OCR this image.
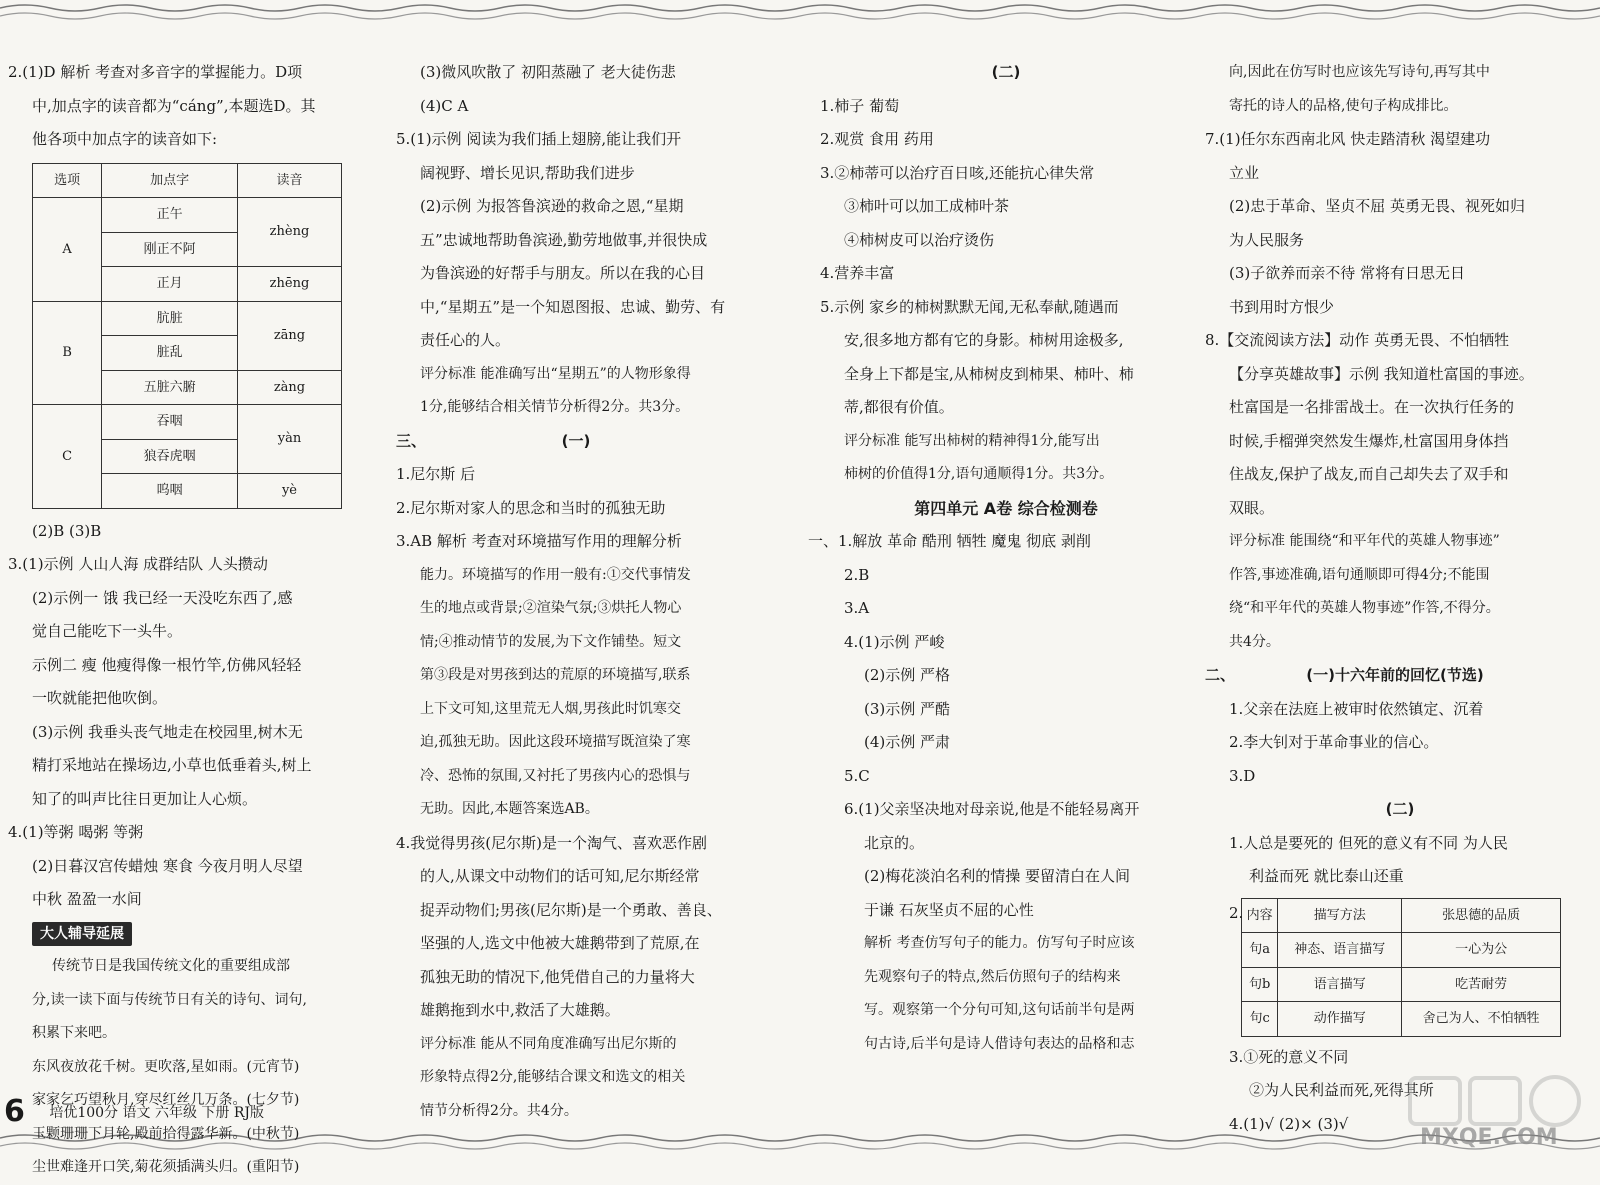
2.(1)D 解析 考查对多音字的掌握能力。D项
中,加点字的读音都为“cáng”,本题选D。其
他各项中加点字的读音如下:
选项	加点字	读音
A	正午	zhèng
	刚正不阿	
	正月	zhēng
B	肮脏	zāng
	脏乱	
	五脏六腑	zàng
C	吞咽	yàn
	狼吞虎咽	
	呜咽	yè
(2)B (3)B
3.(1)示例 人山人海 成群结队 人头攒动
(2)示例一 饿 我已经一天没吃东西了,感
觉自己能吃下一头牛。
示例二 瘦 他瘦得像一根竹竿,仿佛风轻轻
一吹就能把他吹倒。
(3)示例 我垂头丧气地走在校园里,树木无
精打采地站在操场边,小草也低垂着头,树上
知了的叫声比往日更加让人心烦。
4.(1)等粥 喝粥 等粥
(2)日暮汉宫传蜡烛 寒食 今夜月明人尽望
中秋 盈盈一水间
大人辅导延展
传统节日是我国传统文化的重要组成部
分,读一读下面与传统节日有关的诗句、词句,
积累下来吧。
东风夜放花千树。更吹落,星如雨。(元宵节)
家家乞巧望秋月,穿尽红丝几万条。(七夕节)
玉颗珊珊下月轮,殿前拾得露华新。(中秋节)
尘世难逢开口笑,菊花须插满头归。(重阳节)
(3)微风吹散了 初阳蒸融了 老大徒伤悲
(4)C A
5.(1)示例 阅读为我们插上翅膀,能让我们开
阔视野、增长见识,帮助我们进步
(2)示例 为报答鲁滨逊的救命之恩,“星期
五”忠诚地帮助鲁滨逊,勤劳地做事,并很快成
为鲁滨逊的好帮手与朋友。所以在我的心目
中,“星期五”是一个知恩图报、忠诚、勤劳、有
责任心的人。
评分标准 能准确写出“星期五”的人物形象得
1分,能够结合相关情节分析得2分。共3分。
三、	(一)
1.尼尔斯 后
2.尼尔斯对家人的思念和当时的孤独无助
3.AB 解析 考查对环境描写作用的理解分析
能力。环境描写的作用一般有:①交代事情发
生的地点或背景;②渲染气氛;③烘托人物心
情;④推动情节的发展,为下文作铺垫。短文
第③段是对男孩到达的荒原的环境描写,联系
上下文可知,这里荒无人烟,男孩此时饥寒交
迫,孤独无助。因此这段环境描写既渲染了寒
冷、恐怖的氛围,又衬托了男孩内心的恐惧与
无助。因此,本题答案选AB。
4.我觉得男孩(尼尔斯)是一个淘气、喜欢恶作剧
的人,从课文中动物们的话可知,尼尔斯经常
捉弄动物们;男孩(尼尔斯)是一个勇敢、善良、
坚强的人,选文中他被大雄鹅带到了荒原,在
孤独无助的情况下,他凭借自己的力量将大
雄鹅拖到水中,救活了大雄鹅。
评分标准 能从不同角度准确写出尼尔斯的
形象特点得2分,能够结合课文和选文的相关
情节分析得2分。共4分。
(二)
1.柿子 葡萄
2.观赏 食用 药用
3.②柿蒂可以治疗百日咳,还能抗心律失常
③柿叶可以加工成柿叶茶
④柿树皮可以治疗烫伤
4.营养丰富
5.示例 家乡的柿树默默无闻,无私奉献,随遇而
安,很多地方都有它的身影。柿树用途极多,
全身上下都是宝,从柿树皮到柿果、柿叶、柿
蒂,都很有价值。
评分标准 能写出柿树的精神得1分,能写出
柿树的价值得1分,语句通顺得1分。共3分。
第四单元 A卷 综合检测卷
一、1.解放 革命 酷刑 牺牲 魔鬼 彻底 剥削
2.B
3.A
4.(1)示例 严峻
(2)示例 严格
(3)示例 严酷
(4)示例 严肃
5.C
6.(1)父亲坚决地对母亲说,他是不能轻易离开
北京的。
(2)梅花淡泊名利的情操 要留清白在人间
于谦 石灰坚贞不屈的心性
解析 考查仿写句子的能力。仿写句子时应该
先观察句子的特点,然后仿照句子的结构来
写。观察第一个分句可知,这句话前半句是两
句古诗,后半句是诗人借诗句表达的品格和志
向,因此在仿写时也应该先写诗句,再写其中
寄托的诗人的品格,使句子构成排比。
7.(1)任尔东西南北风 快走踏清秋 渴望建功
立业
(2)忠于革命、坚贞不屈 英勇无畏、视死如归
为人民服务
(3)子欲养而亲不待 常将有日思无日
书到用时方恨少
8.【交流阅读方法】动作 英勇无畏、不怕牺牲
【分享英雄故事】示例 我知道杜富国的事迹。
杜富国是一名排雷战士。在一次执行任务的
时候,手榴弹突然发生爆炸,杜富国用身体挡
住战友,保护了战友,而自己却失去了双手和
双眼。
评分标准 能围绕“和平年代的英雄人物事迹”
作答,事迹准确,语句通顺即可得4分;不能围
绕“和平年代的英雄人物事迹”作答,不得分。
共4分。
二、	(一)十六年前的回忆(节选)
1.父亲在法庭上被审时依然镇定、沉着
2.李大钊对于革命事业的信心。
3.D
(二)
1.人总是要死的 但死的意义有不同 为人民
利益而死 就比泰山还重
2. 内容	描写方法	张思德的品质
句a	神态、语言描写	一心为公
句b	语言描写	吃苦耐劳
句c	动作描写	舍己为人、不怕牺牲
3.①死的意义不同
②为人民利益而死,死得其所
4.(1)√ (2)× (3)√
6 培优100分 语文 六年级 下册 RJ版
MXQE.COM
